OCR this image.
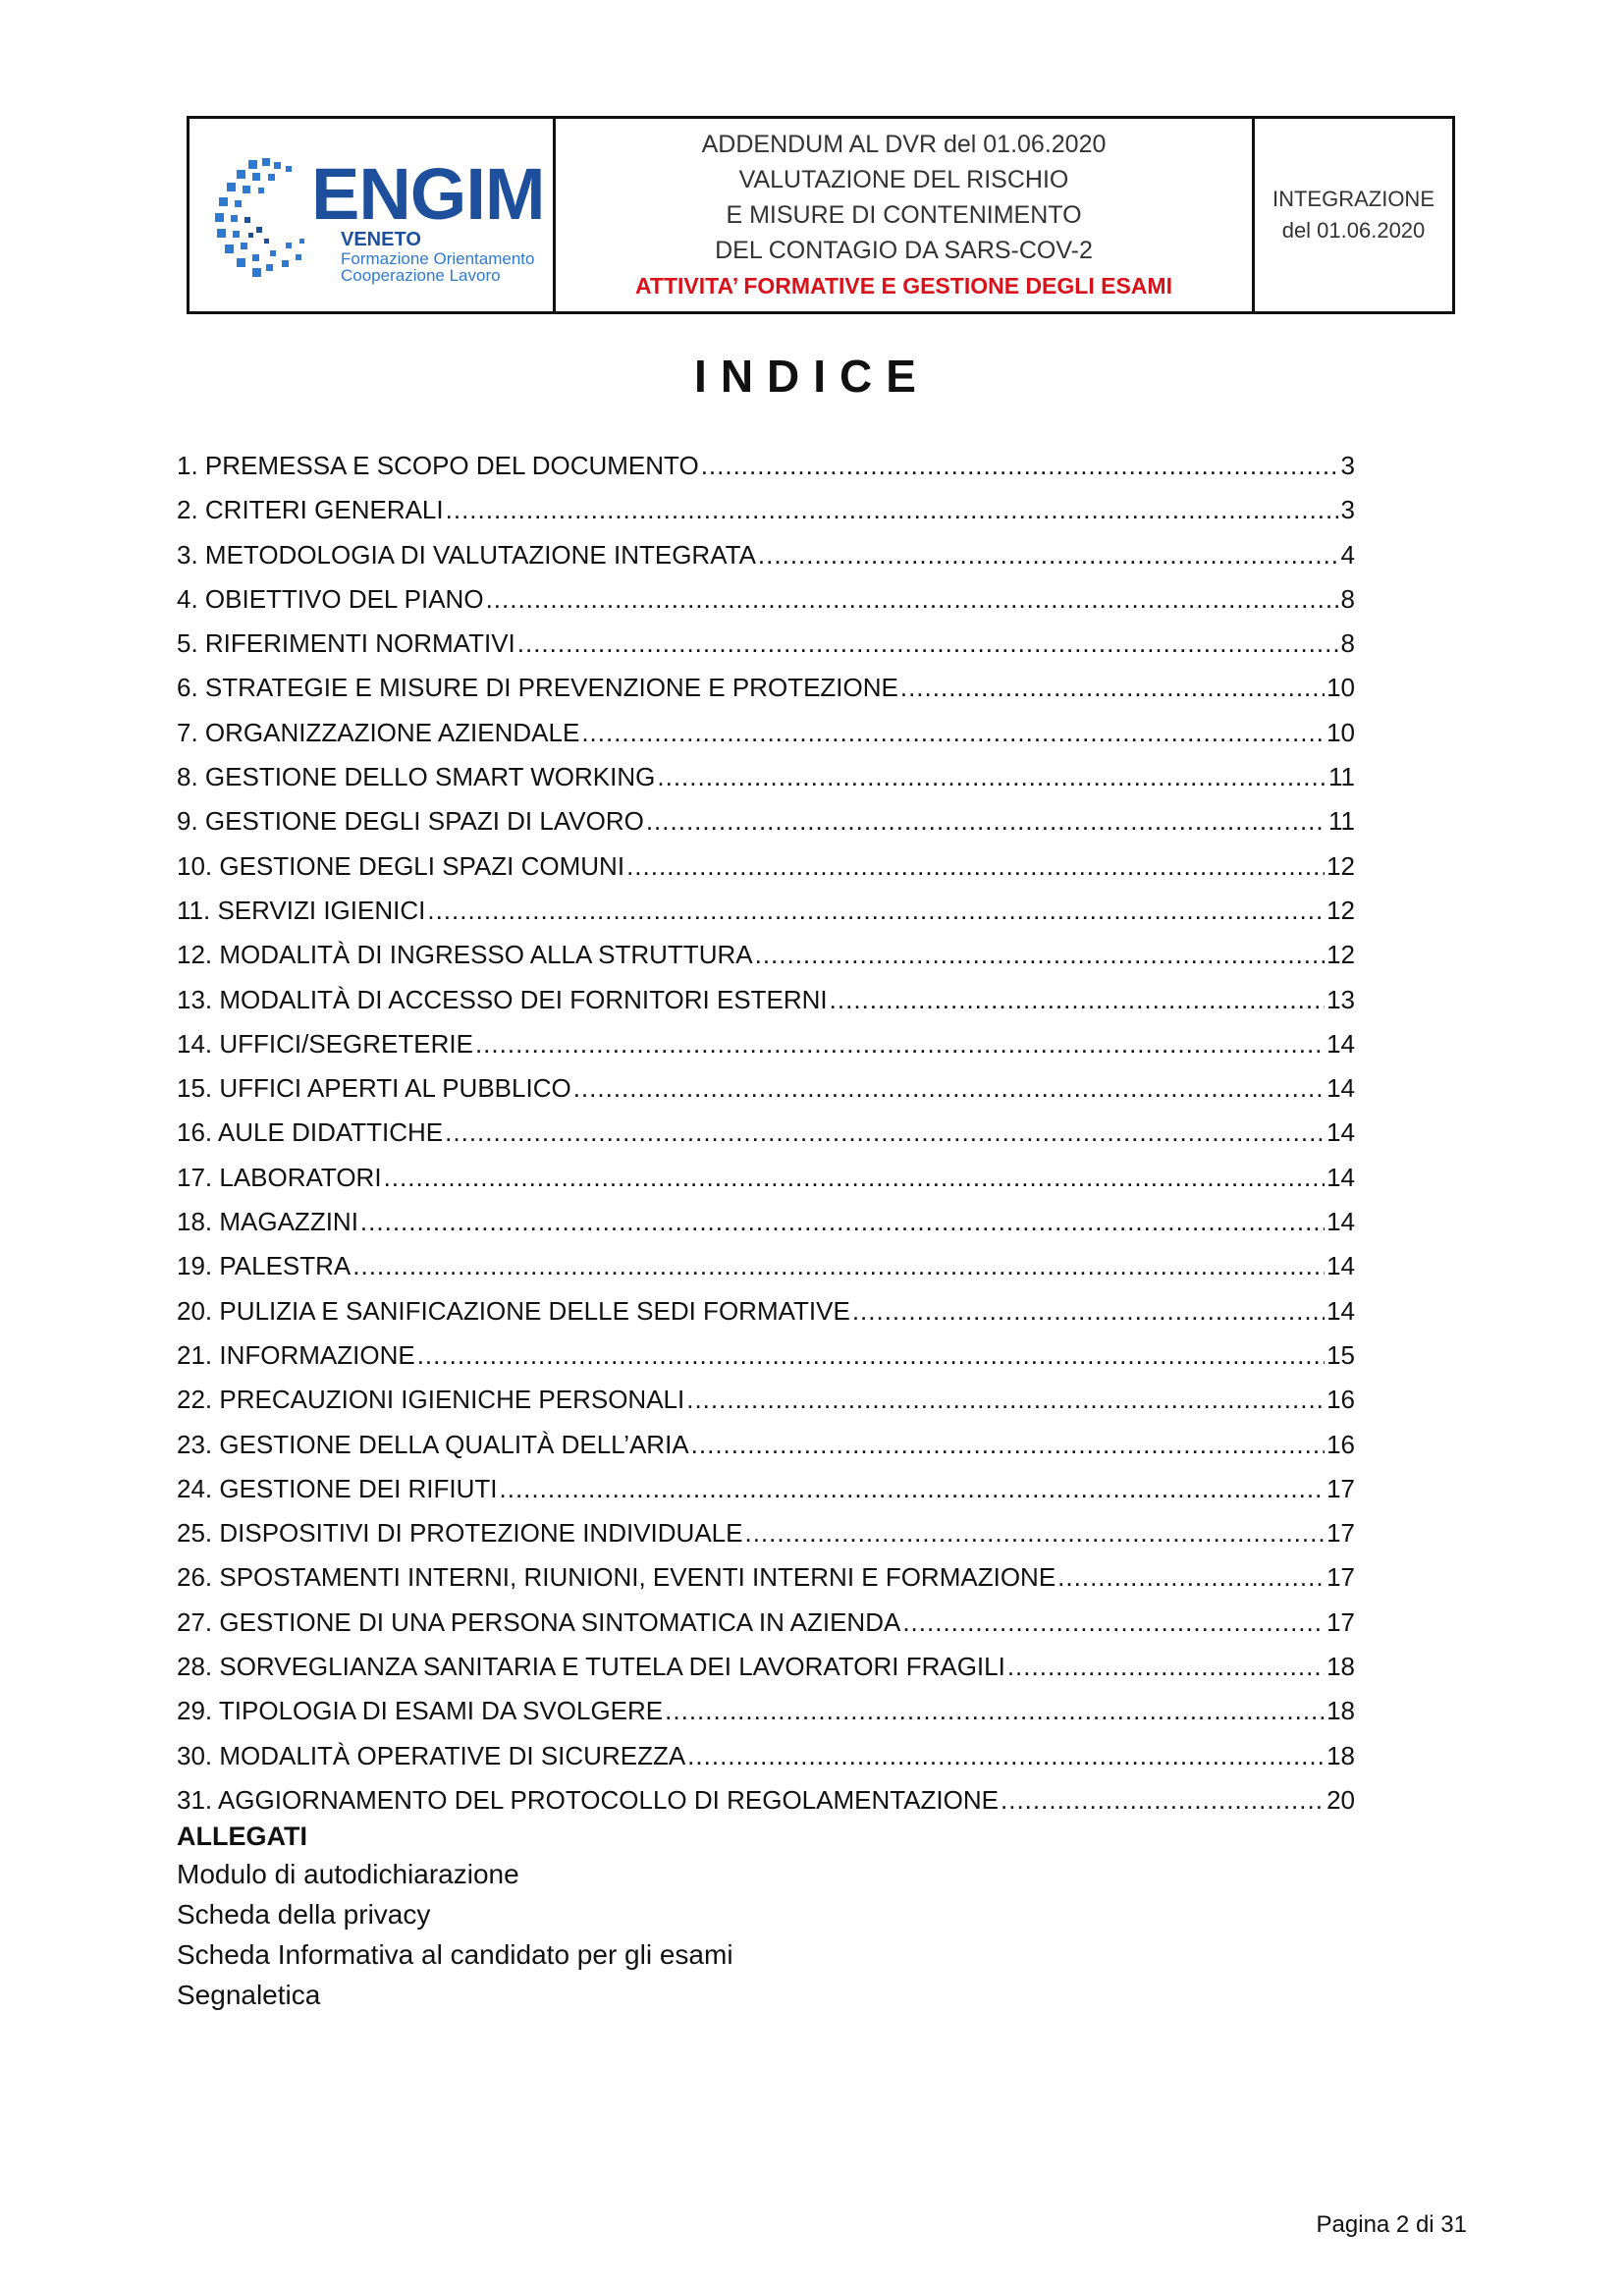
ENGIM
VENETO
Formazione Orientamento
Cooperazione Lavoro
ADDENDUM AL DVR del 01.06.2020
VALUTAZIONE DEL RISCHIO
E MISURE DI CONTENIMENTO
DEL CONTAGIO DA SARS-COV-2
ATTIVITA’ FORMATIVE E GESTIONE DEGLI ESAMI
INTEGRAZIONE
del 01.06.2020
INDICE
1. PREMESSA E SCOPO DEL DOCUMENTO .....	3
2. CRITERI GENERALI .....	3
3. METODOLOGIA DI VALUTAZIONE INTEGRATA .....	4
4. OBIETTIVO DEL PIANO .....	8
5. RIFERIMENTI NORMATIVI .....	8
6. STRATEGIE E MISURE DI PREVENZIONE E PROTEZIONE .....	10
7. ORGANIZZAZIONE AZIENDALE .....	10
8. GESTIONE DELLO SMART WORKING .....	11
9. GESTIONE DEGLI SPAZI DI LAVORO .....	11
10. GESTIONE DEGLI SPAZI COMUNI .....	12
11. SERVIZI IGIENICI .....	12
12. MODALITÀ DI INGRESSO ALLA STRUTTURA .....	12
13. MODALITÀ DI ACCESSO DEI FORNITORI ESTERNI .....	13
14. UFFICI/SEGRETERIE .....	14
15. UFFICI APERTI AL PUBBLICO .....	14
16. AULE DIDATTICHE .....	14
17. LABORATORI .....	14
18. MAGAZZINI .....	14
19. PALESTRA .....	14
20. PULIZIA E SANIFICAZIONE DELLE SEDI FORMATIVE .....	14
21. INFORMAZIONE .....	15
22. PRECAUZIONI IGIENICHE PERSONALI .....	16
23. GESTIONE DELLA QUALITÀ DELL’ARIA .....	16
24. GESTIONE DEI RIFIUTI .....	17
25. DISPOSITIVI DI PROTEZIONE INDIVIDUALE .....	17
26. SPOSTAMENTI INTERNI, RIUNIONI, EVENTI INTERNI E FORMAZIONE .....	17
27. GESTIONE DI UNA PERSONA SINTOMATICA IN AZIENDA .....	17
28. SORVEGLIANZA SANITARIA E TUTELA DEI LAVORATORI FRAGILI .....	18
29. TIPOLOGIA DI ESAMI DA SVOLGERE .....	18
30. MODALITÀ OPERATIVE DI SICUREZZA .....	18
31. AGGIORNAMENTO DEL PROTOCOLLO DI REGOLAMENTAZIONE .....	20
ALLEGATI
Modulo di autodichiarazione
Scheda della privacy
Scheda Informativa al candidato per gli esami
Segnaletica
Pagina 2 di 31
